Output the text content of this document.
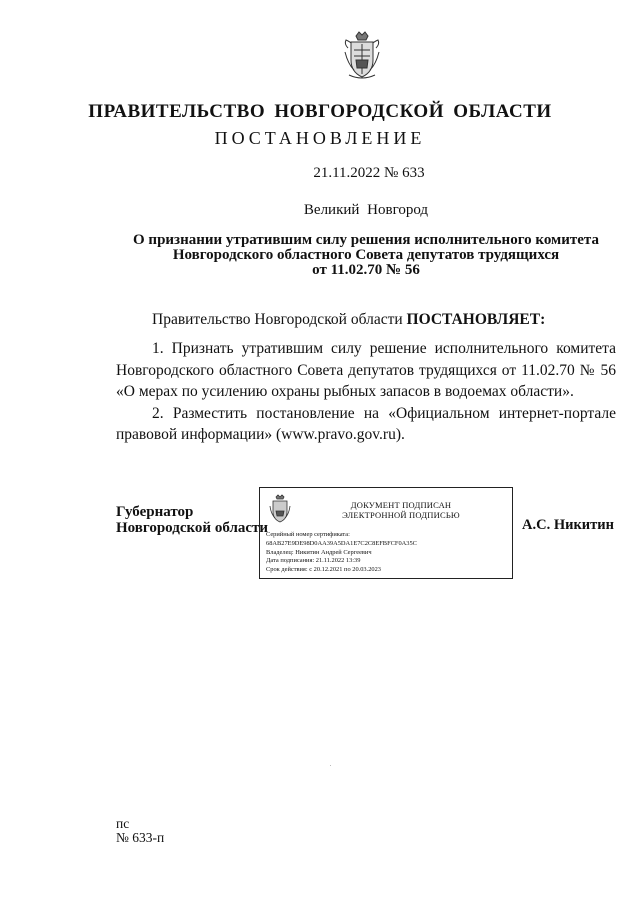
ПРАВИТЕЛЬСТВО НОВГОРОДСКОЙ ОБЛАСТИ
ПОСТАНОВЛЕНИЕ
21.11.2022 № 633
Великий Новгород
О признании утратившим силу решения исполнительного комитета
Новгородского областного Совета депутатов трудящихся
от 11.02.70 № 56
Правительство Новгородской области ПОСТАНОВЛЯЕТ:

1. Признать утратившим силу решение исполнительного комитета Новгородского областного Совета депутатов трудящихся от 11.02.70 № 56 «О мерах по усилению охраны рыбных запасов в водоемах области».

2. Разместить постановление на «Официальном интернет-портале правовой информации» (www.pravo.gov.ru).

Губернатор
Новгородской области
ДОКУМЕНТ ПОДПИСАН
ЭЛЕКТРОННОЙ ПОДПИСЬЮ
Серийный номер сертификата:
68AB27E9DE98D0AA39A5DA1E7C2C8EFBFCF0A35C
Владелец: Никитин Андрей Сергеевич
Дата подписания: 21.11.2022 13:39
Срок действия: с 20.12.2021 по 20.03.2023
А.С. Никитин
пс
№ 633-п
